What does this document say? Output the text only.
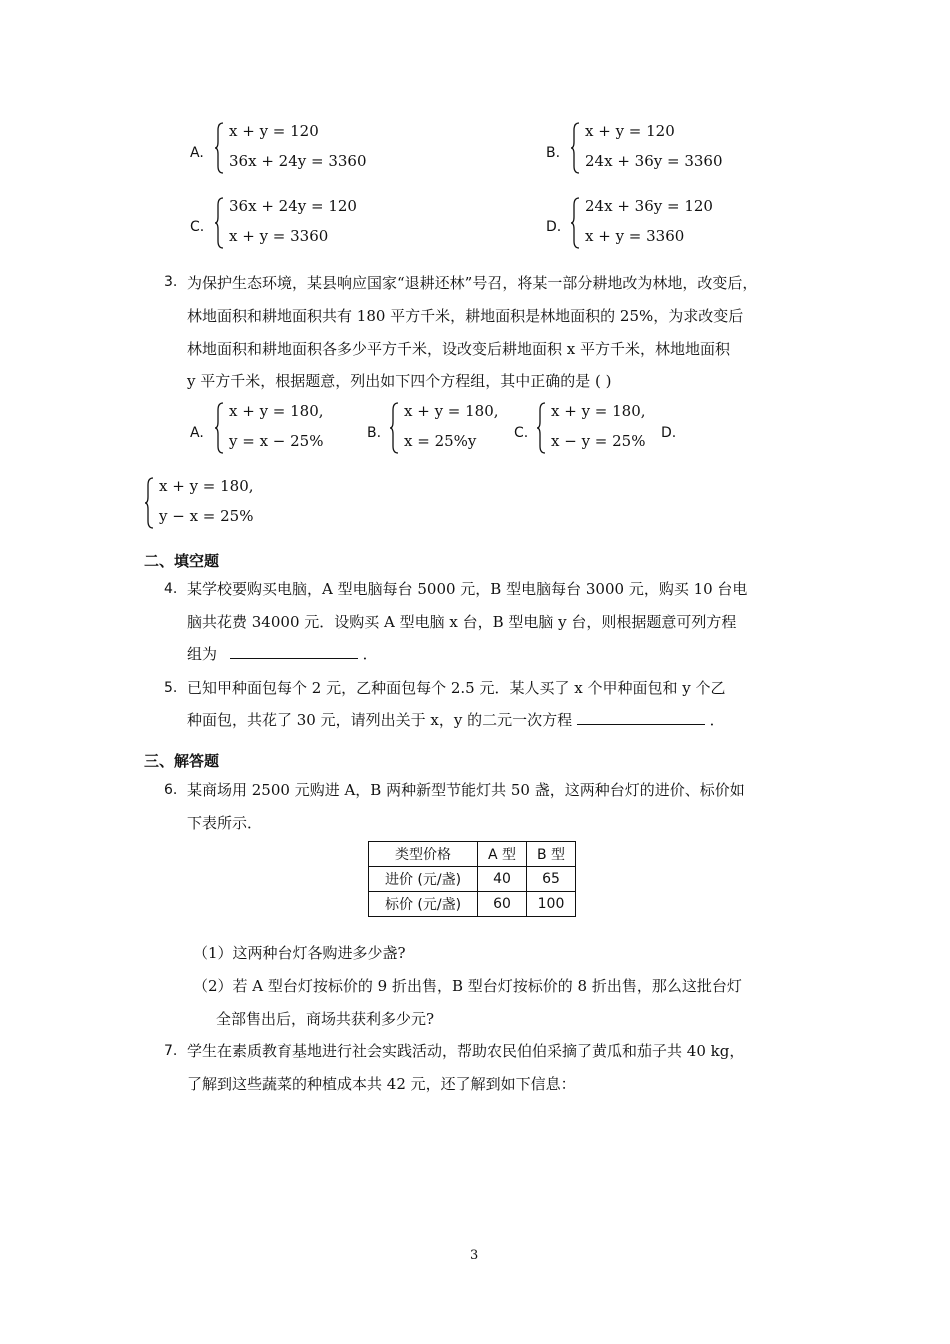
A.
x + y = 120
36x + 24y = 3360	B.
x + y = 120
24x + 36y = 3360
C.
36x + 24y = 120
x + y = 3360	D.
24x + 36y = 120
x + y = 3360
3. 为保护生态环境，某县响应国家“退耕还林”号召，将某一部分耕地改为林地，改变后，
林地面积和耕地面积共有 180 平方千米，耕地面积是林地面积的 25%，为求改变后
林地面积和耕地面积各多少平方千米，设改变后耕地面积 x 平方千米，林地地面积
y 平方千米，根据题意，列出如下四个方程组，其中正确的是 ( )
A.
x + y = 180,
y = x − 25%	B.
x + y = 180,
x = 25%y	C.
x + y = 180,
x − y = 25% D.
x + y = 180,
y − x = 25%
二、填空题
4. 某学校要购买电脑，A 型电脑每台 5000 元，B 型电脑每台 3000 元，购买 10 台电
脑共花费 34000 元．设购买 A 型电脑 x 台，B 型电脑 y 台，则根据题意可列方程
组为	．
5. 已知甲种面包每个 2 元，乙种面包每个 2.5 元．某人买了 x 个甲种面包和 y 个乙
种面包，共花了 30 元，请列出关于 x，y 的二元一次方程	．
三、解答题
6. 某商场用 2500 元购进 A，B 两种新型节能灯共 50 盏，这两种台灯的进价、标价如
下表所示．
类型价格	A 型	B 型
进价 (元/盏)	40	65
标价 (元/盏)	60	100
（1）这两种台灯各购进多少盏?
（2）若 A 型台灯按标价的 9 折出售，B 型台灯按标价的 8 折出售，那么这批台灯
全部售出后，商场共获利多少元?
7. 学生在素质教育基地进行社会实践活动，帮助农民伯伯采摘了黄瓜和茄子共 40 kg，
了解到这些蔬菜的种植成本共 42 元，还了解到如下信息：
3
